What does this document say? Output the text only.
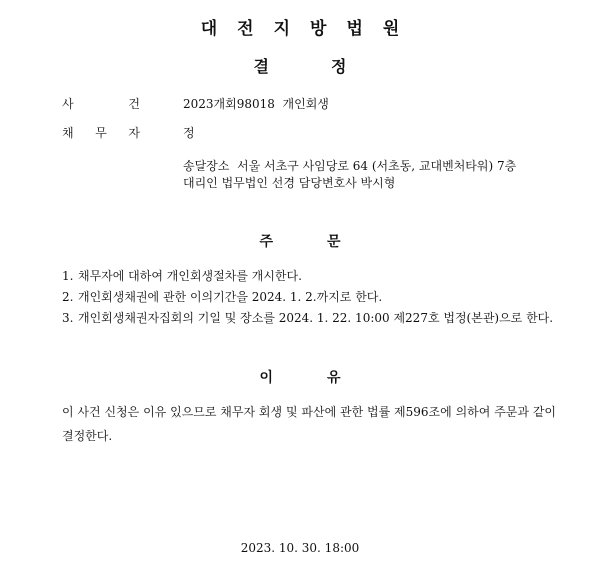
대전지방법원
결정
사	건	2023개회98018  개인회생
채 무 자	정
송달장소  서울 서초구 사임당로 64 (서초동, 교대벤처타워) 7층
대리인 법무법인 선경 담당변호사 박시형
주문
1. 채무자에 대하여 개인회생절차를 개시한다.
2. 개인회생채권에 관한 이의기간을 2024. 1. 2.까지로 한다.
3. 개인회생채권자집회의 기일 및 장소를 2024. 1. 22. 10:00 제227호 법정(본관)으로 한다.
이유
이 사건 신청은 이유 있으므로 채무자 회생 및 파산에 관한 법률 제596조에 의하여 주문과 같이 결정한다.
2023. 10. 30. 18:00
